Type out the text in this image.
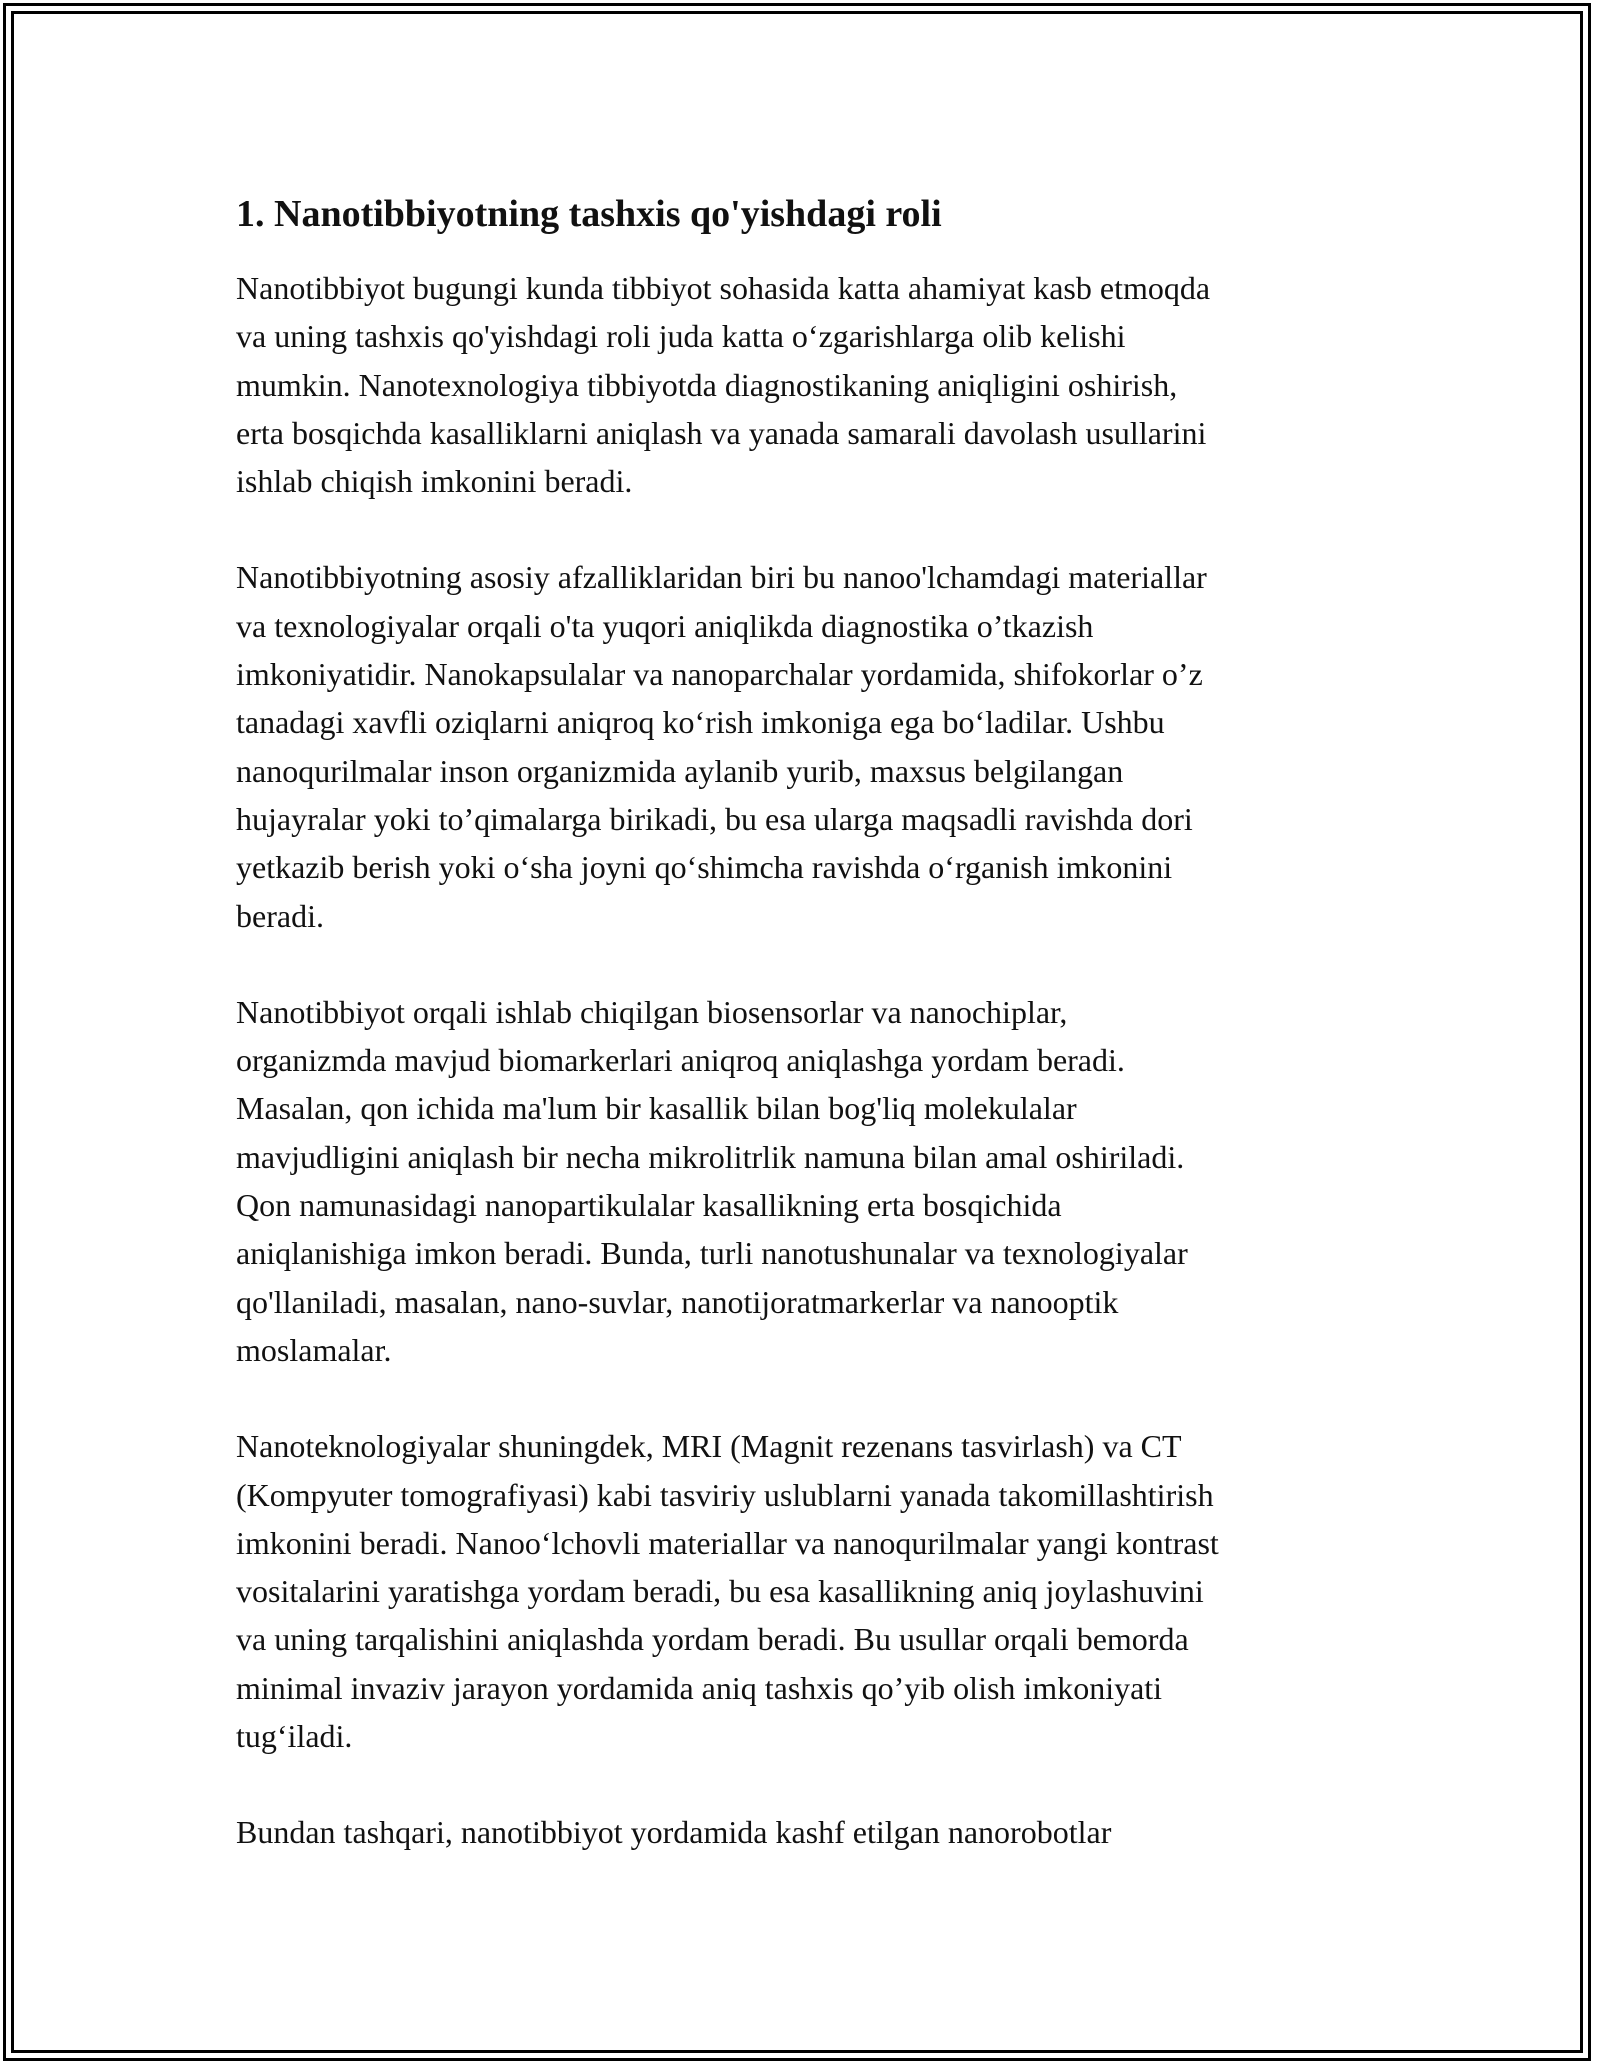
1. Nanotibbiyotning tashxis qo'yishdagi roli

Nanotibbiyot bugungi kunda tibbiyot sohasida katta ahamiyat kasb etmoqda
va uning tashxis qo'yishdagi roli juda katta o‘zgarishlarga olib kelishi
mumkin. Nanotexnologiya tibbiyotda diagnostikaning aniqligini oshirish,
erta bosqichda kasalliklarni aniqlash va yanada samarali davolash usullarini
ishlab chiqish imkonini beradi.

Nanotibbiyotning asosiy afzalliklaridan biri bu nanoo'lchamdagi materiallar
va texnologiyalar orqali o'ta yuqori aniqlikda diagnostika o’tkazish
imkoniyatidir. Nanokapsulalar va nanoparchalar yordamida, shifokorlar o’z
tanadagi xavfli oziqlarni aniqroq ko‘rish imkoniga ega bo‘ladilar. Ushbu
nanoqurilmalar inson organizmida aylanib yurib, maxsus belgilangan
hujayralar yoki to’qimalarga birikadi, bu esa ularga maqsadli ravishda dori
yetkazib berish yoki o‘sha joyni qo‘shimcha ravishda o‘rganish imkonini
beradi.

Nanotibbiyot orqali ishlab chiqilgan biosensorlar va nanochiplar,
organizmda mavjud biomarkerlari aniqroq aniqlashga yordam beradi.
Masalan, qon ichida ma'lum bir kasallik bilan bog'liq molekulalar
mavjudligini aniqlash bir necha mikrolitrlik namuna bilan amal oshiriladi.
Qon namunasidagi nanopartikulalar kasallikning erta bosqichida
aniqlanishiga imkon beradi. Bunda, turli nanotushunalar va texnologiyalar
qo'llaniladi, masalan, nano-suvlar, nanotijoratmarkerlar va nanooptik
moslamalar.

Nanoteknologiyalar shuningdek, MRI (Magnit rezenans tasvirlash) va CT
(Kompyuter tomografiyasi) kabi tasviriy uslublarni yanada takomillashtirish
imkonini beradi. Nanoo‘lchovli materiallar va nanoqurilmalar yangi kontrast
vositalarini yaratishga yordam beradi, bu esa kasallikning aniq joylashuvini
va uning tarqalishini aniqlashda yordam beradi. Bu usullar orqali bemorda
minimal invaziv jarayon yordamida aniq tashxis qo’yib olish imkoniyati
tug‘iladi.

Bundan tashqari, nanotibbiyot yordamida kashf etilgan nanorobotlar
